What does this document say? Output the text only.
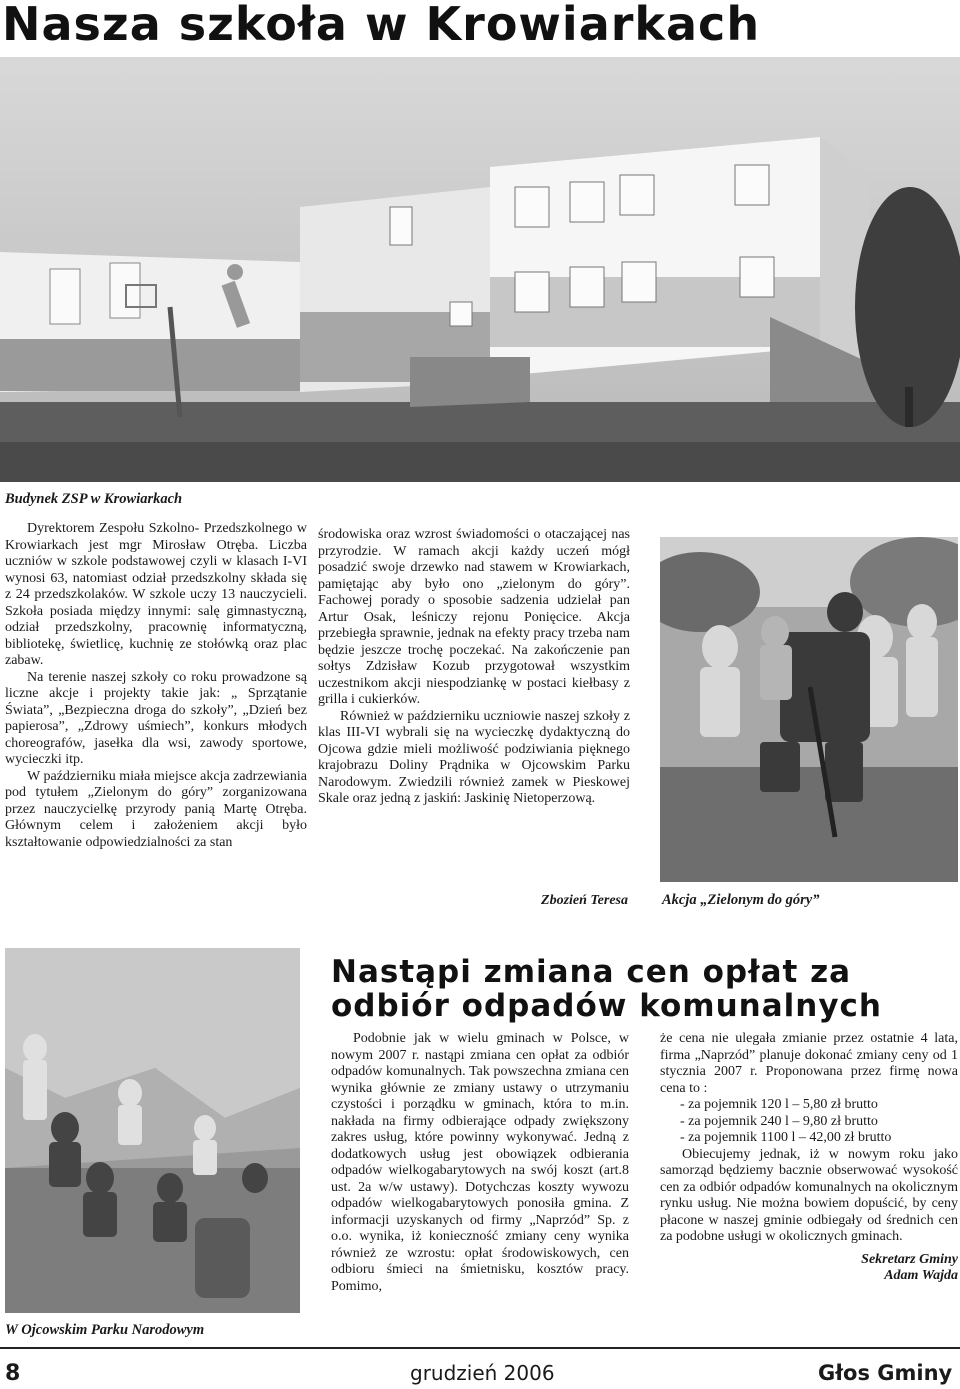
Nasza szkoła w Krowiarkach
Budynek ZSP w Krowiarkach

Dyrektorem Zespołu Szkolno- Przedszkolnego w Krowiarkach jest mgr Mirosław Otręba. Liczba uczniów w szkole podstawowej czyli w klasach I-VI wynosi 63, natomiast odział przedszkolny składa się z 24 przedszkolaków. W szkole uczy 13 nauczycieli. Szkoła posiada między innymi: salę gimnastyczną, odział przedszkolny, pracownię informatyczną, bibliotekę, świetlicę, kuchnię ze stołówką oraz plac zabaw.

Na terenie naszej szkoły co roku prowadzone są liczne akcje i projekty takie jak: „ Sprzątanie Świata”, „Bezpieczna droga do szkoły”, „Dzień bez papierosa”, „Zdrowy uśmiech”, konkurs młodych choreografów, jasełka dla wsi, zawody sportowe, wycieczki itp.

W październiku miała miejsce akcja zadrzewiania pod tytułem „Zielonym do góry” zorganizowana przez nauczycielkę przyrody panią Martę Otręba. Głównym celem i założeniem akcji było kształtowanie odpowiedzialności za stan

środowiska oraz wzrost świadomości o otaczającej nas przyrodzie. W ramach akcji każdy uczeń mógł posadzić swoje drzewko nad stawem w Krowiarkach, pamiętając aby było ono „zielonym do góry”. Fachowej porady o sposobie sadzenia udzielał pan Artur Osak, leśniczy rejonu Ponięcice. Akcja przebiegła sprawnie, jednak na efekty pracy trzeba nam będzie jeszcze trochę poczekać. Na zakończenie pan sołtys Zdzisław Kozub przygotował wszystkim uczestnikom akcji niespodziankę w postaci kiełbasy z grilla i cukierków.

Również w październiku uczniowie naszej szkoły z klas III-VI wybrali się na wycieczkę dydaktyczną do Ojcowa gdzie mieli możliwość podziwiania pięknego krajobrazu Doliny Prądnika w Ojcowskim Parku Narodowym. Zwiedzili również zamek w Pieskowej Skale oraz jedną z jaskiń: Jaskinię Nietoperzową.

Zbozień Teresa Akcja „Zielonym do góry”
W Ojcowskim Parku Narodowym
Nastąpi zmiana cen opłat za odbiór odpadów komunalnych

Podobnie jak w wielu gminach w Polsce, w nowym 2007 r. nastąpi zmiana cen opłat za odbiór odpadów komunalnych. Tak powszechna zmiana cen wynika głównie ze zmiany ustawy o utrzymaniu czystości i porządku w gminach, która to m.in. nakłada na firmy odbierające odpady zwiększony zakres usług, które powinny wykonywać. Jedną z dodatkowych usług jest obowiązek odbierania odpadów wielkogabarytowych na swój koszt (art.8 ust. 2a w/w ustawy). Dotychczas koszty wywozu odpadów wielkogabarytowych ponosiła gmina. Z informacji uzyskanych od firmy „Naprzód” Sp. z o.o. wynika, iż konieczność zmiany ceny wynika również ze wzrostu: opłat środowiskowych, cen odbioru śmieci na śmietnisku, kosztów pracy. Pomimo,

że cena nie ulegała zmianie przez ostatnie 4 lata, firma „Naprzód” planuje dokonać zmiany ceny od 1 stycznia 2007 r. Proponowana przez firmę nowa cena to :

- za pojemnik 120 l – 5,80 zł brutto
- za pojemnik 240 l – 9,80 zł brutto
- za pojemnik 1100 l – 42,00 zł brutto

Obiecujemy jednak, iż w nowym roku jako samorząd będziemy bacznie obserwować wysokość cen za odbiór odpadów komunalnych na okolicznym rynku usług. Nie można bowiem dopuścić, by ceny płacone w naszej gminie odbiegały od średnich cen za podobne usługi w okolicznych gminach.

Sekretarz Gminy
Adam Wajda
8	grudzień 2006	Głos Gminy
